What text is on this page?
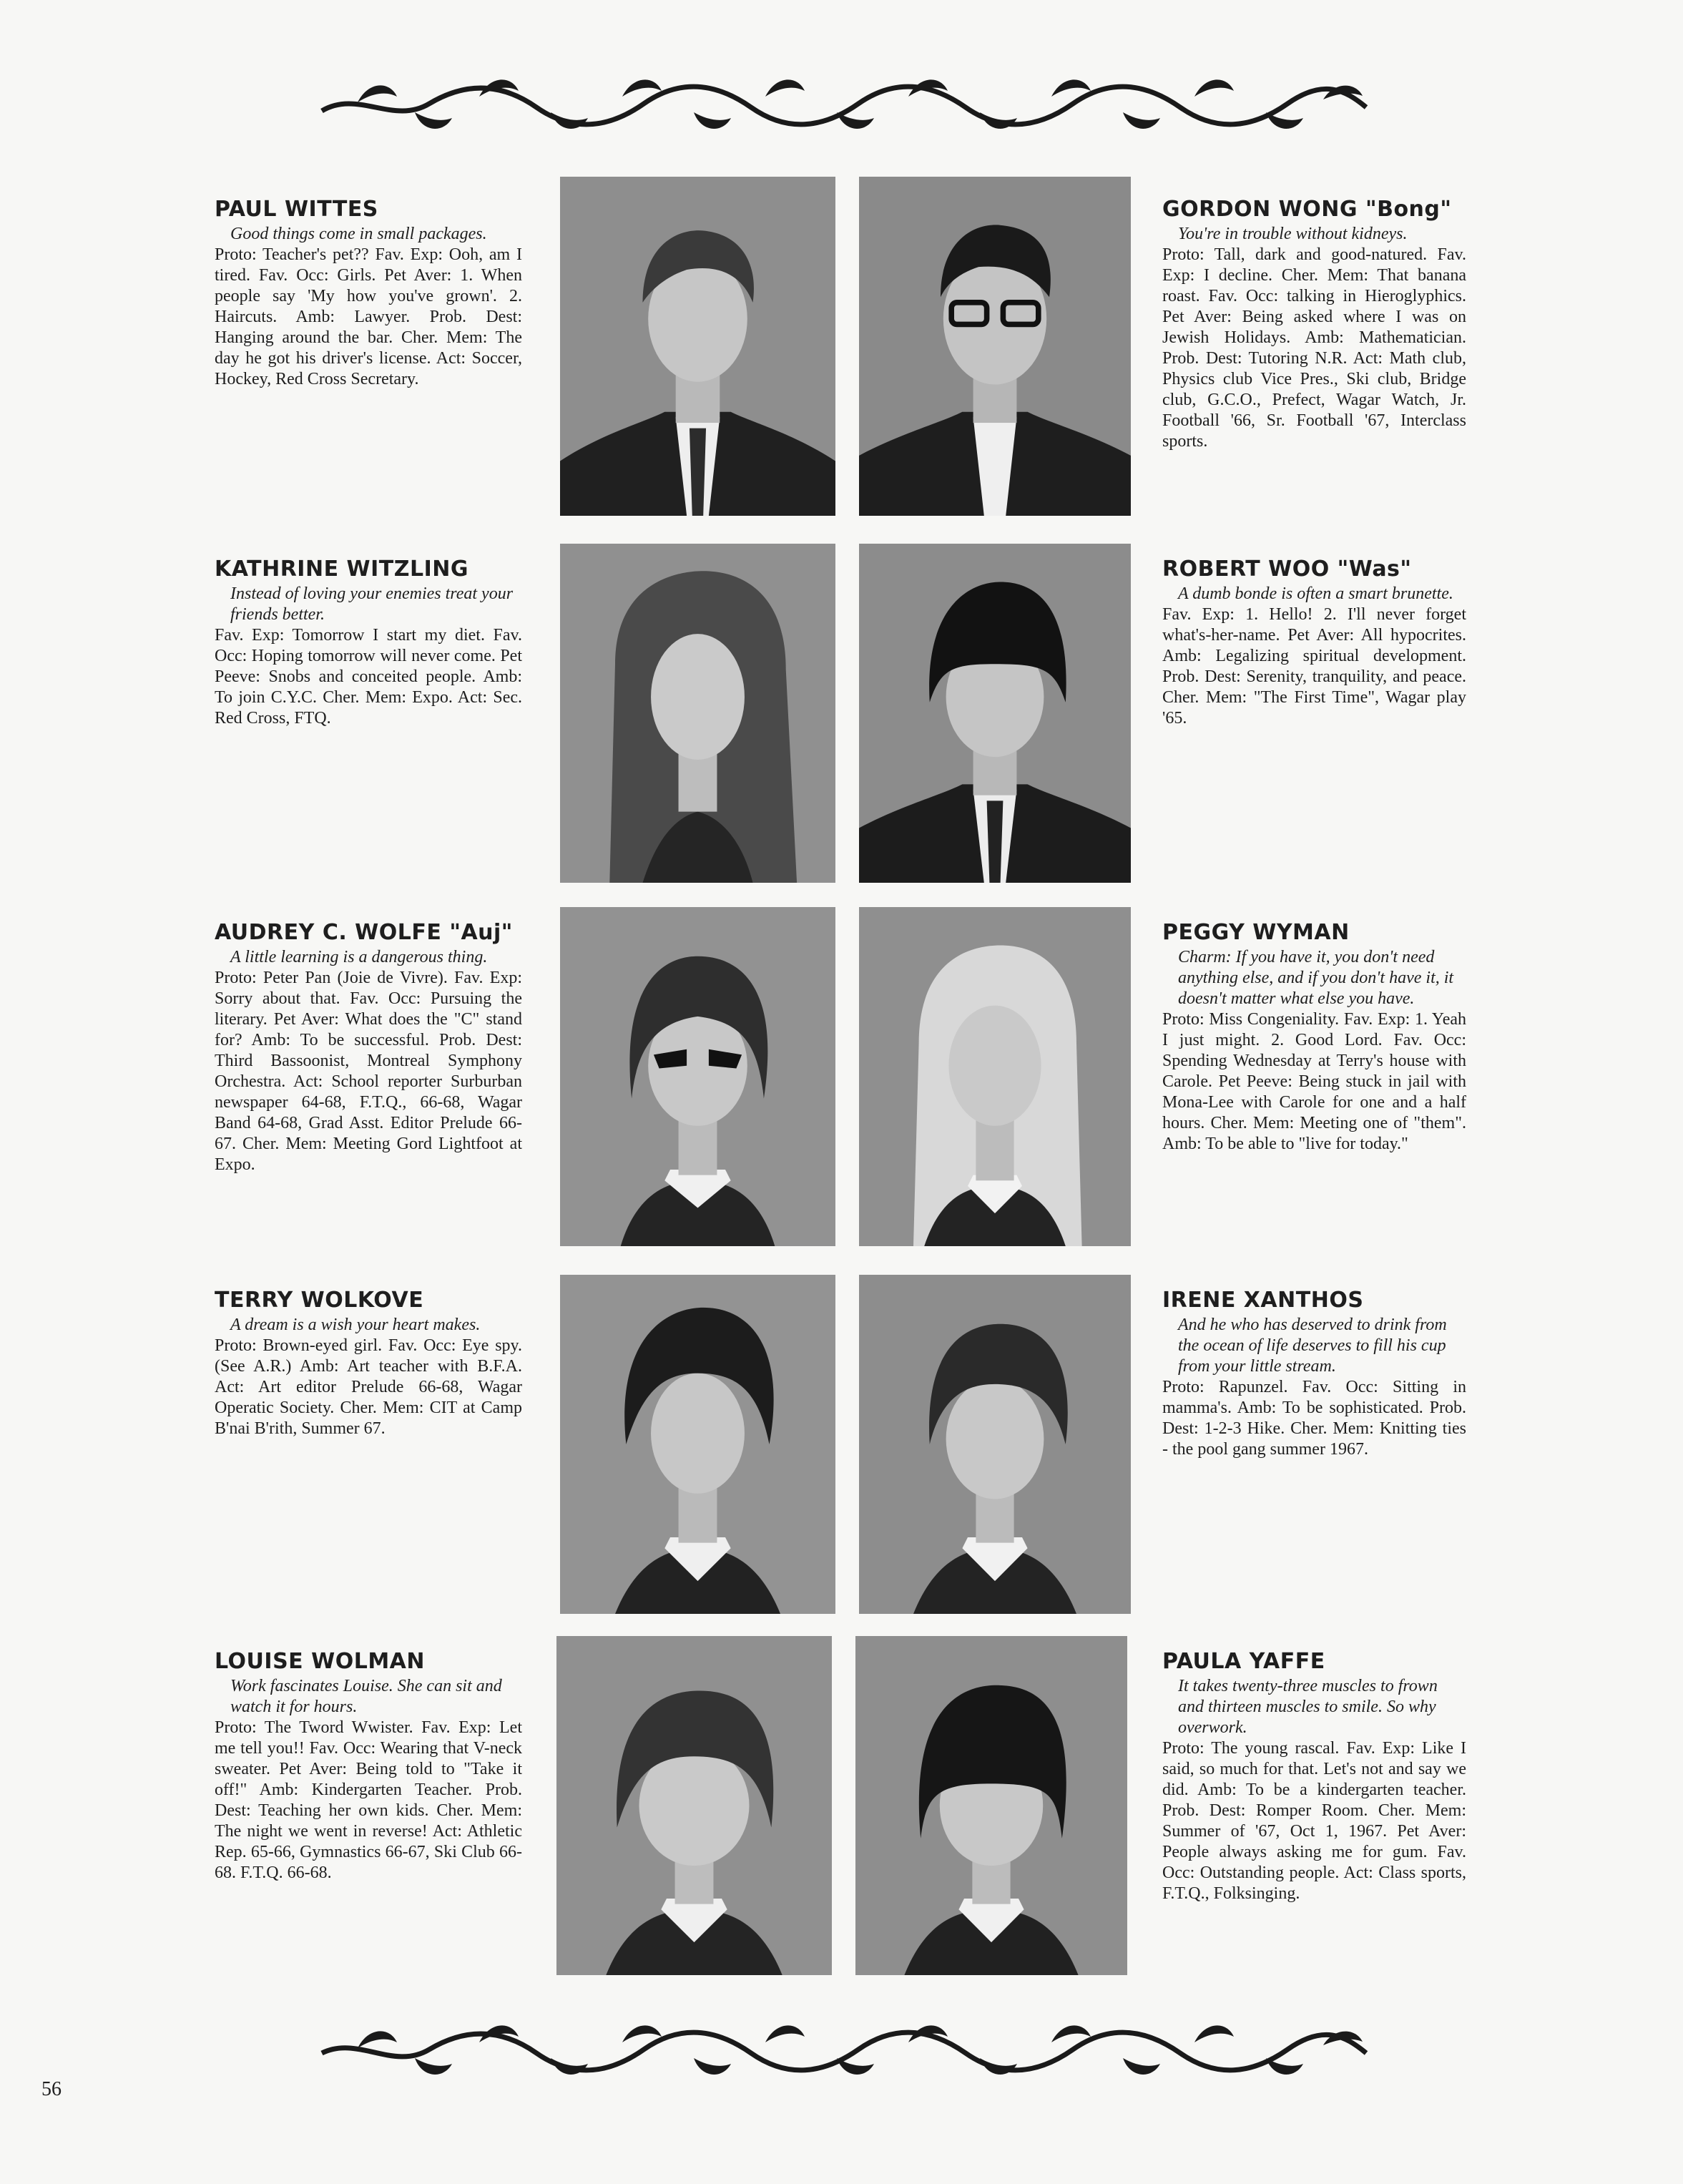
PAUL WITTES

Good things come in small packages.

Proto: Teacher's pet?? Fav. Exp: Ooh, am I tired. Fav. Occ: Girls. Pet Aver: 1. When people say 'My how you've grown'. 2. Haircuts. Amb: Lawyer. Prob. Dest: Hanging around the bar. Cher. Mem: The day he got his driver's license. Act: Soccer, Hockey, Red Cross Secretary.

GORDON WONG "Bong"

You're in trouble without kidneys.

Proto: Tall, dark and good-natured. Fav. Exp: I decline. Cher. Mem: That banana roast. Fav. Occ: talking in Hieroglyphics. Pet Aver: Being asked where I was on Jewish Holidays. Amb: Mathematician. Prob. Dest: Tutoring N.R. Act: Math club, Physics club Vice Pres., Ski club, Bridge club, G.C.O., Prefect, Wagar Watch, Jr. Football '66, Sr. Football '67, Interclass sports.

KATHRINE WITZLING

Instead of loving your enemies treat your friends better.

Fav. Exp: Tomorrow I start my diet. Fav. Occ: Hoping tomorrow will never come. Pet Peeve: Snobs and conceited people. Amb: To join C.Y.C. Cher. Mem: Expo. Act: Sec. Red Cross, FTQ.

ROBERT WOO "Was"

A dumb bonde is often a smart brunette.

Fav. Exp: 1. Hello! 2. I'll never forget what's-her-name. Pet Aver: All hypocrites. Amb: Legalizing spiritual development. Prob. Dest: Serenity, tranquility, and peace. Cher. Mem: "The First Time", Wagar play '65.

AUDREY C. WOLFE "Auj"

A little learning is a dangerous thing.

Proto: Peter Pan (Joie de Vivre). Fav. Exp: Sorry about that. Fav. Occ: Pursuing the literary. Pet Aver: What does the "C" stand for? Amb: To be successful. Prob. Dest: Third Bassoonist, Montreal Symphony Orchestra. Act: School reporter Surburban newspaper 64-68, F.T.Q., 66-68, Wagar Band 64-68, Grad Asst. Editor Prelude 66-67. Cher. Mem: Meeting Gord Lightfoot at Expo.

PEGGY WYMAN

Charm: If you have it, you don't need anything else, and if you don't have it, it doesn't matter what else you have.

Proto: Miss Congeniality. Fav. Exp: 1. Yeah I just might. 2. Good Lord. Fav. Occ: Spending Wednesday at Terry's house with Carole. Pet Peeve: Being stuck in jail with Mona-Lee with Carole for one and a half hours. Cher. Mem: Meeting one of "them". Amb: To be able to "live for today."

TERRY WOLKOVE

A dream is a wish your heart makes.

Proto: Brown-eyed girl. Fav. Occ: Eye spy. (See A.R.) Amb: Art teacher with B.F.A. Act: Art editor Prelude 66-68, Wagar Operatic Society. Cher. Mem: CIT at Camp B'nai B'rith, Summer 67.

IRENE XANTHOS

And he who has deserved to drink from the ocean of life deserves to fill his cup from your little stream.

Proto: Rapunzel. Fav. Occ: Sitting in mamma's. Amb: To be sophisticated. Prob. Dest: 1-2-3 Hike. Cher. Mem: Knitting ties - the pool gang summer 1967.

LOUISE WOLMAN

Work fascinates Louise. She can sit and watch it for hours.

Proto: The Tword Wwister. Fav. Exp: Let me tell you!! Fav. Occ: Wearing that V-neck sweater. Pet Aver: Being told to "Take it off!" Amb: Kindergarten Teacher. Prob. Dest: Teaching her own kids. Cher. Mem: The night we went in reverse! Act: Athletic Rep. 65-66, Gymnastics 66-67, Ski Club 66-68. F.T.Q. 66-68.

PAULA YAFFE

It takes twenty-three muscles to frown and thirteen muscles to smile. So why overwork.

Proto: The young rascal. Fav. Exp: Like I said, so much for that. Let's not and say we did. Amb: To be a kindergarten teacher. Prob. Dest: Romper Room. Cher. Mem: Summer of '67, Oct 1, 1967. Pet Aver: People always asking me for gum. Fav. Occ: Outstanding people. Act: Class sports, F.T.Q., Folksinging.

56
